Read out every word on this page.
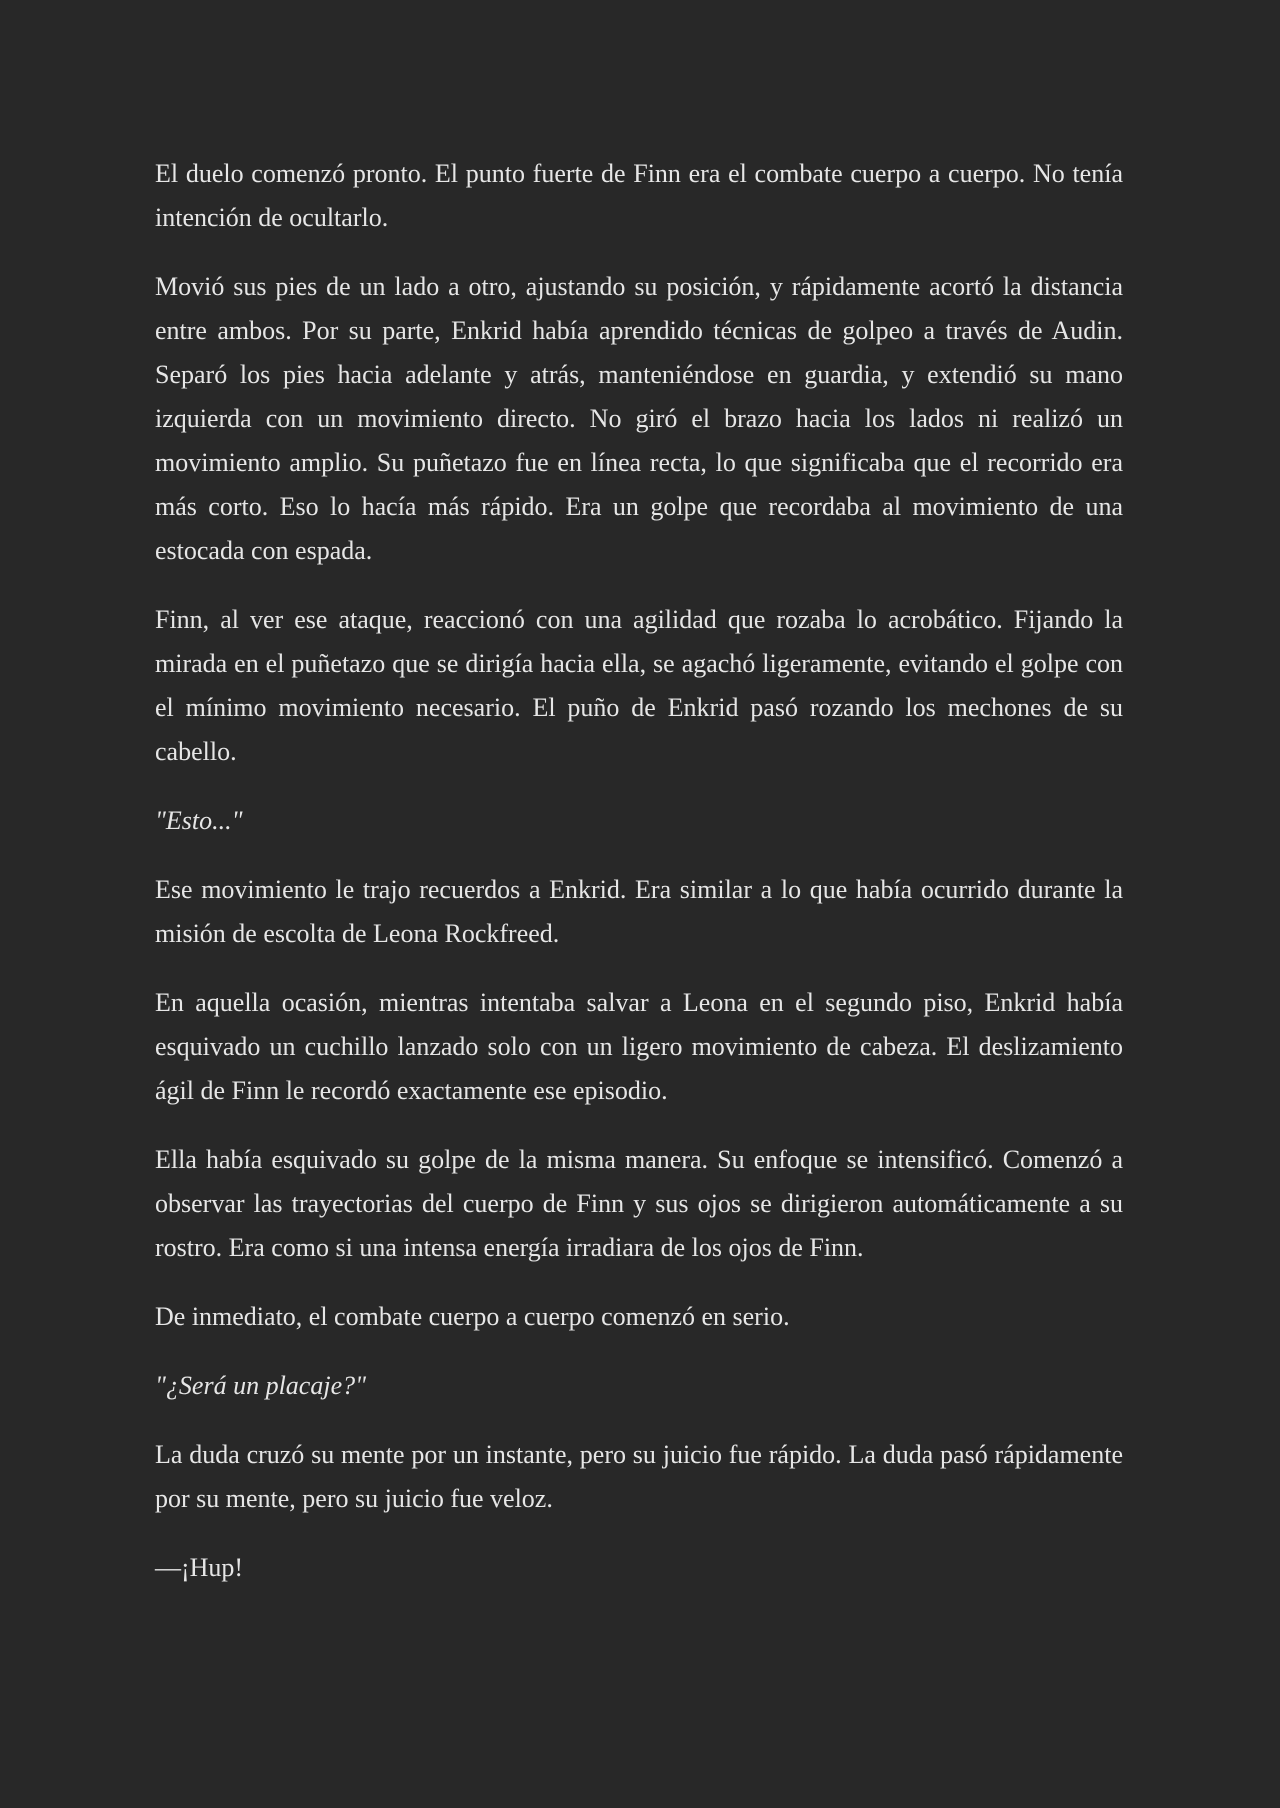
El duelo comenzó pronto. El punto fuerte de Finn era el combate cuerpo a cuerpo. No tenía intención de ocultarlo.

Movió sus pies de un lado a otro, ajustando su posición, y rápidamente acortó la distancia entre ambos. Por su parte, Enkrid había aprendido técnicas de golpeo a través de Audin. Separó los pies hacia adelante y atrás, manteniéndose en guardia, y extendió su mano izquierda con un movimiento directo. No giró el brazo hacia los lados ni realizó un movimiento amplio. Su puñetazo fue en línea recta, lo que significaba que el recorrido era más corto. Eso lo hacía más rápido. Era un golpe que recordaba al movimiento de una estocada con espada.

Finn, al ver ese ataque, reaccionó con una agilidad que rozaba lo acrobático. Fijando la mirada en el puñetazo que se dirigía hacia ella, se agachó ligeramente, evitando el golpe con el mínimo movimiento necesario. El puño de Enkrid pasó rozando los mechones de su cabello.

"Esto..."

Ese movimiento le trajo recuerdos a Enkrid. Era similar a lo que había ocurrido durante la misión de escolta de Leona Rockfreed.

En aquella ocasión, mientras intentaba salvar a Leona en el segundo piso, Enkrid había esquivado un cuchillo lanzado solo con un ligero movimiento de cabeza. El deslizamiento ágil de Finn le recordó exactamente ese episodio.

Ella había esquivado su golpe de la misma manera. Su enfoque se intensificó. Comenzó a observar las trayectorias del cuerpo de Finn y sus ojos se dirigieron automáticamente a su rostro. Era como si una intensa energía irradiara de los ojos de Finn.

De inmediato, el combate cuerpo a cuerpo comenzó en serio.

"¿Será un placaje?"

La duda cruzó su mente por un instante, pero su juicio fue rápido. La duda pasó rápidamente por su mente, pero su juicio fue veloz.

—¡Hup!
